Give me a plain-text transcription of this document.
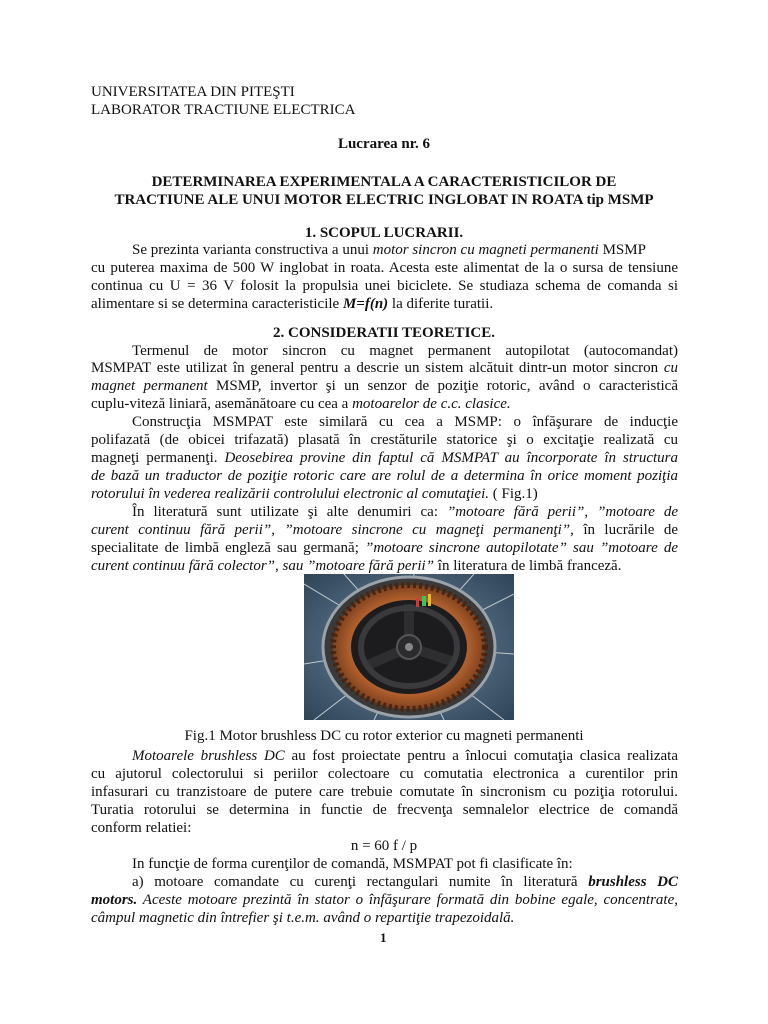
UNIVERSITATEA DIN PITEŞTI
LABORATOR TRACTIUNE ELECTRICA
Lucrarea nr. 6
DETERMINAREA EXPERIMENTALA A CARACTERISTICILOR DE
TRACTIUNE ALE UNUI MOTOR ELECTRIC INGLOBAT IN ROATA tip MSMP
1. SCOPUL LUCRARII.
Se prezinta varianta constructiva a unui motor sincron cu magneti permanenti MSMP
cu puterea maxima de 500 W inglobat in roata. Acesta este alimentat de la o sursa de tensiune
continua cu U = 36 V folosit la propulsia unei biciclete. Se studiaza schema de comanda si
alimentare si se determina caracteristicile M=f(n) la diferite turatii.
2. CONSIDERATII TEORETICE.
Termenul de motor sincron cu magnet permanent autopilotat (autocomandat)
MSMPAT este utilizat în general pentru a descrie un sistem alcătuit dintr-un motor sincron cu
magnet permanent MSMP, invertor şi un senzor de poziţie rotoric, având o caracteristică
cuplu-viteză liniară, asemănătoare cu cea a motoarelor de c.c. clasice.
Construcţia MSMPAT este similară cu cea a MSMP: o înfăşurare de inducţie
polifazată (de obicei trifazată) plasată în crestăturile statorice şi o excitaţie realizată cu
magneţi permanenţi. Deosebirea provine din faptul că MSMPAT au încorporate în structura
de bază un traductor de poziţie rotoric care are rolul de a determina în orice moment poziţia
rotorului în vederea realizării controlului electronic al comutaţiei. ( Fig.1)
În literatură sunt utilizate şi alte denumiri ca: ”motoare fără perii”, ”motoare de
curent continuu fără perii”, ”motoare sincrone cu magneţi permanenţi”, în lucrările de
specialitate de limbă engleză sau germană; ”motoare sincrone autopilotate” sau ”motoare de
curent continuu fără colector”, sau ”motoare fără perii” în literatura de limbă franceză.
Fig.1 Motor brushless DC cu rotor exterior cu magneti permanenti
Motoarele brushless DC au fost proiectate pentru a înlocui comutaţia clasica realizata
cu ajutorul colectorului si periilor colectoare cu comutatia electronica a curentilor prin
infasurari cu tranzistoare de putere care trebuie comutate în sincronism cu poziţia rotorului.
Turatia rotorului se determina in functie de frecvenţa semnalelor electrice de comandă
conform relatiei:
n = 60 f / p
In funcţie de forma curenţilor de comandă, MSMPAT pot fi clasificate în:
a) motoare comandate cu curenţi rectangulari numite în literatură brushless DC
motors. Aceste motoare prezintă în stator o înfăşurare formată din bobine egale, concentrate,
câmpul magnetic din întrefier şi t.e.m. având o repartiţie trapezoidală.
1
